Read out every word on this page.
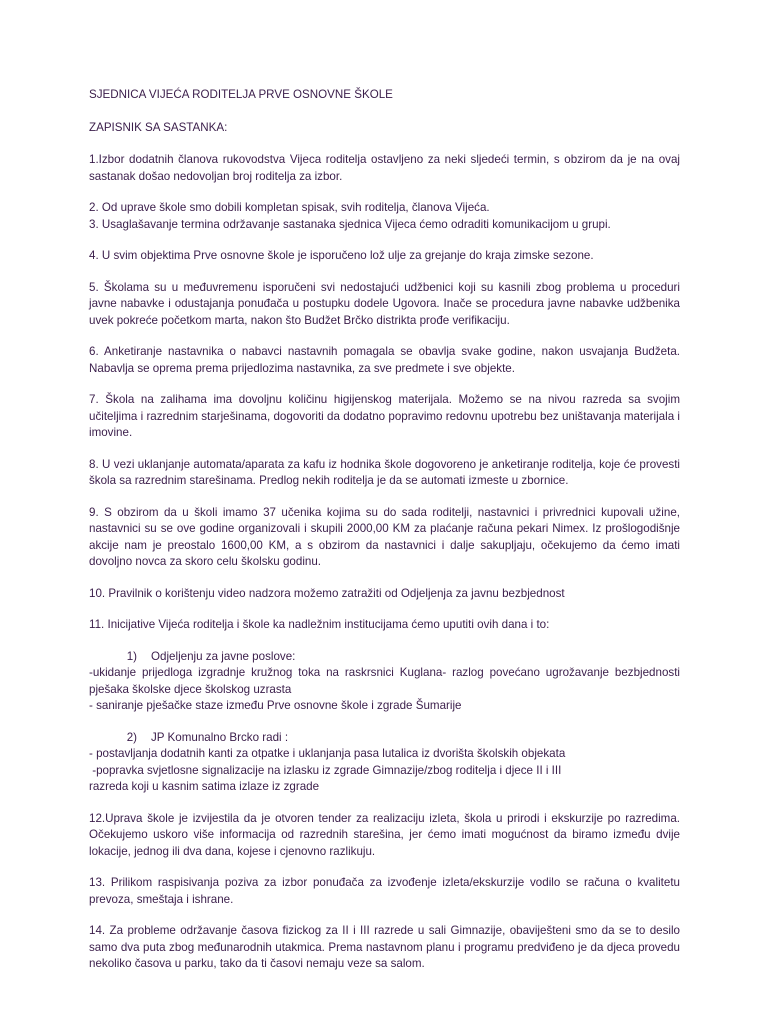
SJEDNICA VIJEĆA RODITELJA PRVE OSNOVNE ŠKOLE

ZAPISNIK SA SASTANKA:

1.Izbor dodatnih članova rukovodstva Vijeca roditelja ostavljeno za neki sljedeći termin, s obzirom da je na ovaj sastanak došao nedovoljan broj roditelja za izbor.

2. Od uprave škole smo dobili kompletan spisak, svih roditelja, članova Vijeća.

3. Usaglašavanje termina održavanje sastanaka sjednica Vijeca ćemo odraditi komunikacijom u grupi.

4. U svim objektima Prve osnovne škole je isporučeno lož ulje za grejanje do kraja zimske sezone.

5. Školama su u međuvremenu isporučeni svi nedostajući udžbenici koji su kasnili zbog problema u proceduri javne nabavke i odustajanja ponuđača u postupku dodele Ugovora. Inače se procedura javne nabavke udžbenika uvek pokreće početkom marta, nakon što Budžet Brčko distrikta prođe verifikaciju.

6. Anketiranje nastavnika o nabavci nastavnih pomagala se obavlja svake godine, nakon usvajanja Budžeta. Nabavlja se oprema prema prijedlozima nastavnika, za sve predmete i sve objekte.

7. Škola na zalihama ima dovoljnu količinu higijenskog materijala. Možemo se na nivou razreda sa svojim učiteljima i razrednim starješinama, dogovoriti da dodatno popravimo redovnu upotrebu bez uništavanja materijala i imovine.

8. U vezi uklanjanje automata/aparata za kafu iz hodnika škole dogovoreno je anketiranje roditelja, koje će provesti škola sa razrednim starešinama. Predlog nekih roditelja je da se automati izmeste u zbornice.

9. S obzirom da u školi imamo 37 učenika kojima su do sada roditelji, nastavnici i privrednici kupovali užine, nastavnici su se ove godine organizovali i skupili 2000,00 KM za plaćanje računa pekari Nimex. Iz prošlogodišnje akcije nam je preostalo 1600,00 KM, a s obzirom da nastavnici i dalje sakupljaju, očekujemo da ćemo imati dovoljno novca za skoro celu školsku godinu.

10. Pravilnik o korištenju video nadzora možemo zatražiti od Odjeljenja za javnu bezbjednost

11. Inicijative Vijeća roditelja i škole ka nadležnim institucijama ćemo uputiti ovih dana i to:

1)	Odjeljenju za javne poslove:

-ukidanje prijedloga izgradnje kružnog toka na raskrsnici Kuglana- razlog povećano ugrožavanje bezbjednosti pješaka školske djece školskog uzrasta

- saniranje pješačke staze između Prve osnovne škole i zgrade Šumarije

2)	JP Komunalno Brcko radi :

- postavljanja dodatnih kanti za otpatke i uklanjanja pasa lutalica iz dvorišta školskih objekata

-popravka svjetlosne signalizacije na izlasku iz zgrade Gimnazije/zbog roditelja i djece II i III

razreda koji u kasnim satima izlaze iz zgrade

12.Uprava škole je izvijestila da je otvoren tender za realizaciju izleta, škola u prirodi i ekskurzije po razredima. Očekujemo uskoro više informacija od razrednih starešina, jer ćemo imati mogućnost da biramo između dvije lokacije, jednog ili dva dana, kojese i cjenovno razlikuju.

13. Prilikom raspisivanja poziva za izbor ponuđača za izvođenje izleta/ekskurzije vodilo se računa o kvalitetu prevoza, smeštaja i ishrane.

14. Za probleme održavanje časova fizickog za II i III razrede u sali Gimnazije, obaviješteni smo da se to desilo samo dva puta zbog međunarodnih utakmica. Prema nastavnom planu i programu predviđeno je da djeca provedu nekoliko časova u parku, tako da ti časovi nemaju veze sa salom.
